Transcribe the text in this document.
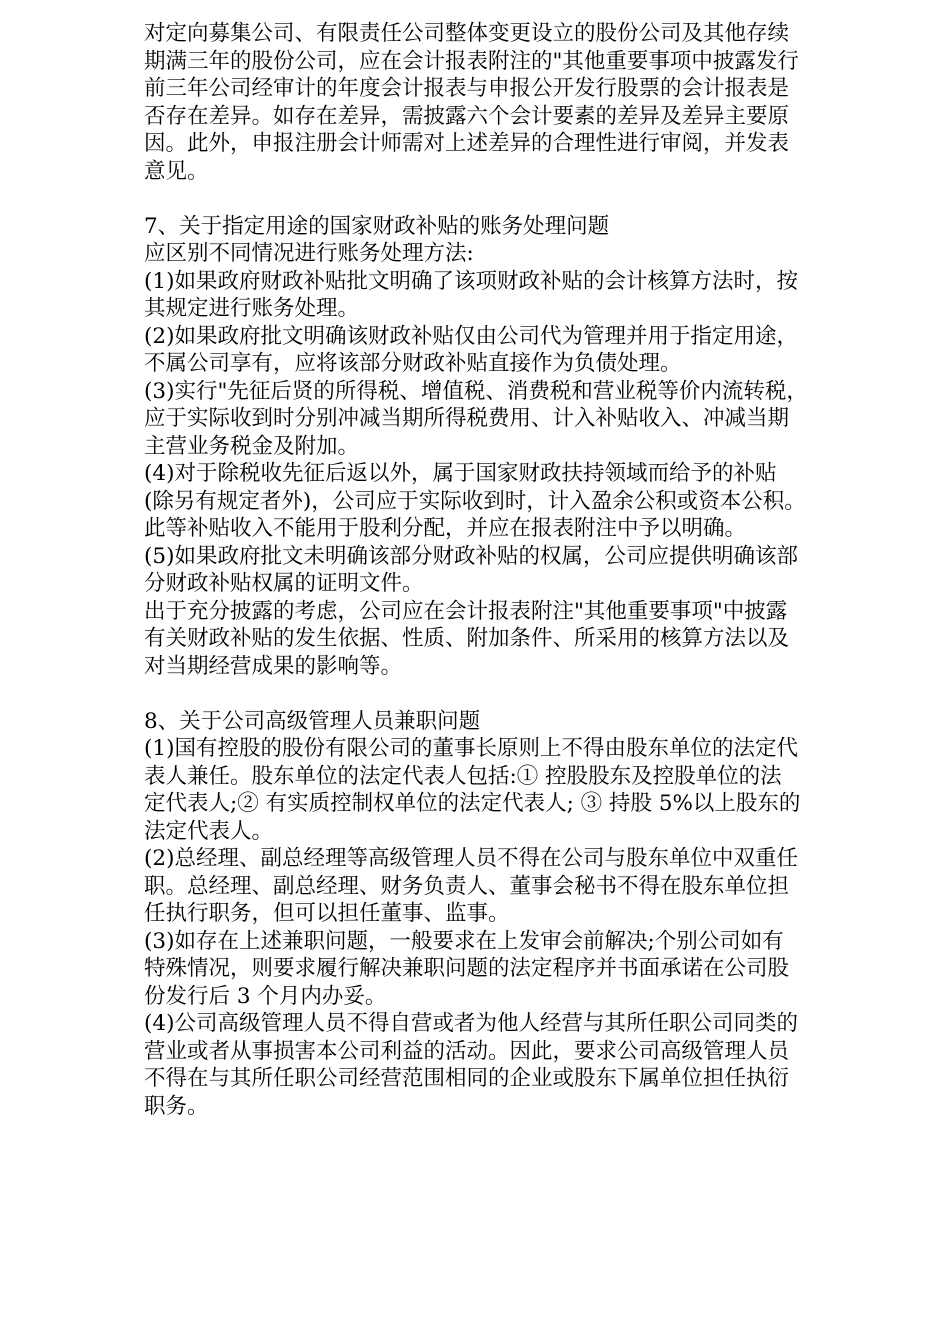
对定向募集公司、有限责任公司整体变更设立的股份公司及其他存续
期满三年的股份公司，应在会计报表附注的"其他重要事项中披露发行
前三年公司经审计的年度会计报表与申报公开发行股票的会计报表是
否存在差异。如存在差异，需披露六个会计要素的差异及差异主要原
因。此外，申报注册会计师需对上述差异的合理性进行审阅，并发表
意见。
7、关于指定用途的国家财政补贴的账务处理问题
应区别不同情况进行账务处理方法:
(1)如果政府财政补贴批文明确了该项财政补贴的会计核算方法时，按
其规定进行账务处理。
(2)如果政府批文明确该财政补贴仅由公司代为管理并用于指定用途，
不属公司享有，应将该部分财政补贴直接作为负债处理。
(3)实行"先征后贤的所得税、增值税、消费税和营业税等价内流转税，
应于实际收到时分别冲减当期所得税费用、计入补贴收入、冲减当期
主营业务税金及附加。
(4)对于除税收先征后返以外，属于国家财政扶持领域而给予的补贴
(除另有规定者外)，公司应于实际收到时，计入盈余公积或资本公积。
此等补贴收入不能用于股利分配，并应在报表附注中予以明确。
(5)如果政府批文未明确该部分财政补贴的权属，公司应提供明确该部
分财政补贴权属的证明文件。
出于充分披露的考虑，公司应在会计报表附注"其他重要事项"中披露
有关财政补贴的发生依据、性质、附加条件、所采用的核算方法以及
对当期经营成果的影响等。
8、关于公司高级管理人员兼职问题
(1)国有控股的股份有限公司的董事长原则上不得由股东单位的法定代
表人兼任。股东单位的法定代表人包括:① 控股股东及控股单位的法
定代表人;② 有实质控制权单位的法定代表人; ③ 持股 5%以上股东的
法定代表人。
(2)总经理、副总经理等高级管理人员不得在公司与股东单位中双重任
职。总经理、副总经理、财务负责人、董事会秘书不得在股东单位担
任执行职务，但可以担任董事、监事。
(3)如存在上述兼职问题，一般要求在上发审会前解决;个别公司如有
特殊情况，则要求履行解决兼职问题的法定程序并书面承诺在公司股
份发行后 3 个月内办妥。
(4)公司高级管理人员不得自营或者为他人经营与其所任职公司同类的
营业或者从事损害本公司利益的活动。因此，要求公司高级管理人员
不得在与其所任职公司经营范围相同的企业或股东下属单位担任执衍
职务。
